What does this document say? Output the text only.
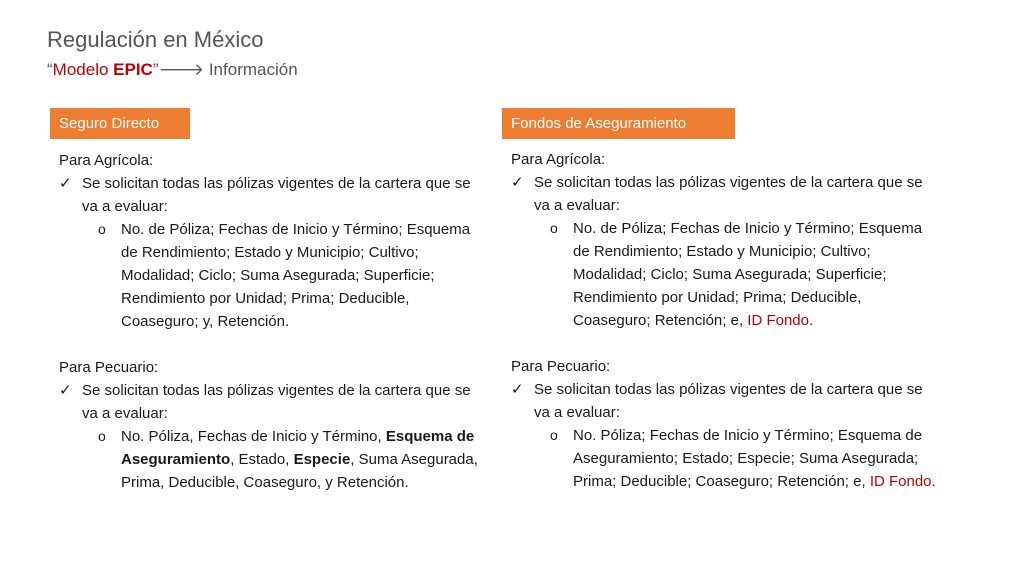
Regulación en México
“Modelo EPIC”🡒 Información
Seguro Directo
Para Agrícola:
✓ Se solicitan todas las pólizas vigentes de la cartera que se va a evaluar:
o No. de Póliza; Fechas de Inicio y Término; Esquema de Rendimiento; Estado y Municipio; Cultivo; Modalidad; Ciclo; Suma Asegurada; Superficie; Rendimiento por Unidad; Prima; Deducible, Coaseguro; y, Retención.
Para Pecuario:
✓ Se solicitan todas las pólizas vigentes de la cartera que se va a evaluar:
o No. Póliza, Fechas de Inicio y Término, Esquema de Aseguramiento, Estado, Especie, Suma Asegurada, Prima, Deducible, Coaseguro, y Retención.
Fondos de Aseguramiento
Para Agrícola:
✓ Se solicitan todas las pólizas vigentes de la cartera que se va a evaluar:
o No. de Póliza; Fechas de Inicio y Término; Esquema de Rendimiento; Estado y Municipio; Cultivo; Modalidad; Ciclo; Suma Asegurada; Superficie; Rendimiento por Unidad; Prima; Deducible, Coaseguro; Retención; e, ID Fondo.
Para Pecuario:
✓ Se solicitan todas las pólizas vigentes de la cartera que se va a evaluar:
o No. Póliza; Fechas de Inicio y Término; Esquema de Aseguramiento; Estado; Especie; Suma Asegurada; Prima; Deducible; Coaseguro; Retención; e, ID Fondo.
